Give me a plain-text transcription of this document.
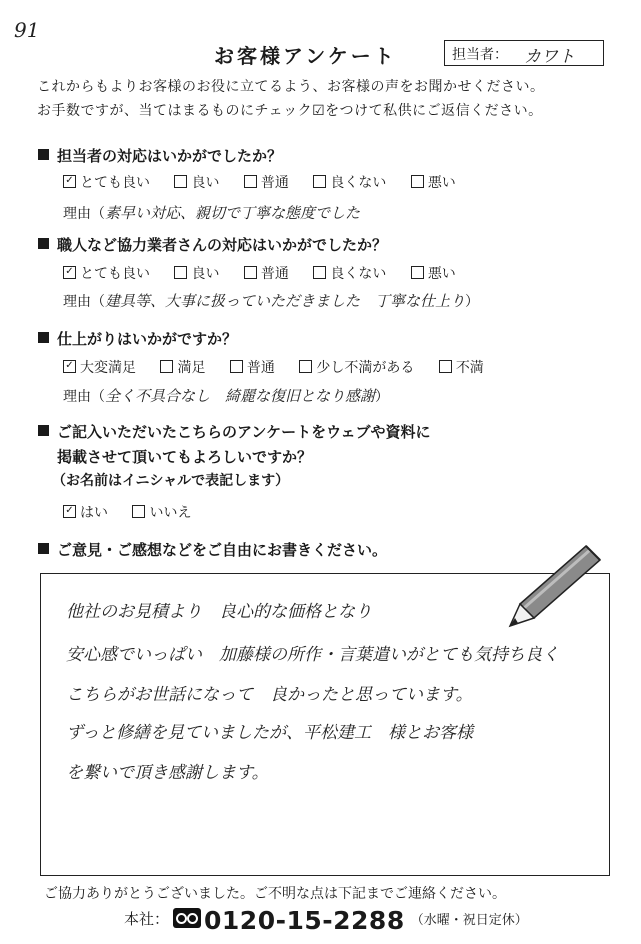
91
お客様アンケート	担当者： カワト
これからもよりお客様のお役に立てるよう、お客様の声をお聞かせください。
お手数ですが、当てはまるものにチェック☑をつけて私供にご返信ください。
担当者の対応はいかがでしたか？
✓とても良い	良い	普通	良くない	悪い
理由（素早い対応、親切で丁寧な態度でした
職人など協力業者さんの対応はいかがでしたか？
✓とても良い	良い	普通	良くない	悪い
理由（建具等、大事に扱っていただきました　丁寧な仕上り）
仕上がりはいかがですか？
✓大変満足	満足	普通	少し不満がある	不満
理由（全く不具合なし　綺麗な復旧となり感謝）
ご記入いただいたこちらのアンケートをウェブや資料に
掲載させて頂いてもよろしいですか？
（お名前はイニシャルで表記します）
✓はい	いいえ
ご意見・ご感想などをご自由にお書きください。
他社のお見積より　良心的な価格となり
安心感でいっぱい　加藤様の所作・言葉遣いがとても気持ち良く
こちらがお世話になって　良かったと思っています。
ずっと修繕を見ていましたが、平松建工　様とお客様
を繋いで頂き感謝します。
ご協力ありがとうございました。ご不明な点は下記までご連絡ください。
本社： 0120-15-2288 $^{(水曜・祝日定休)}$
